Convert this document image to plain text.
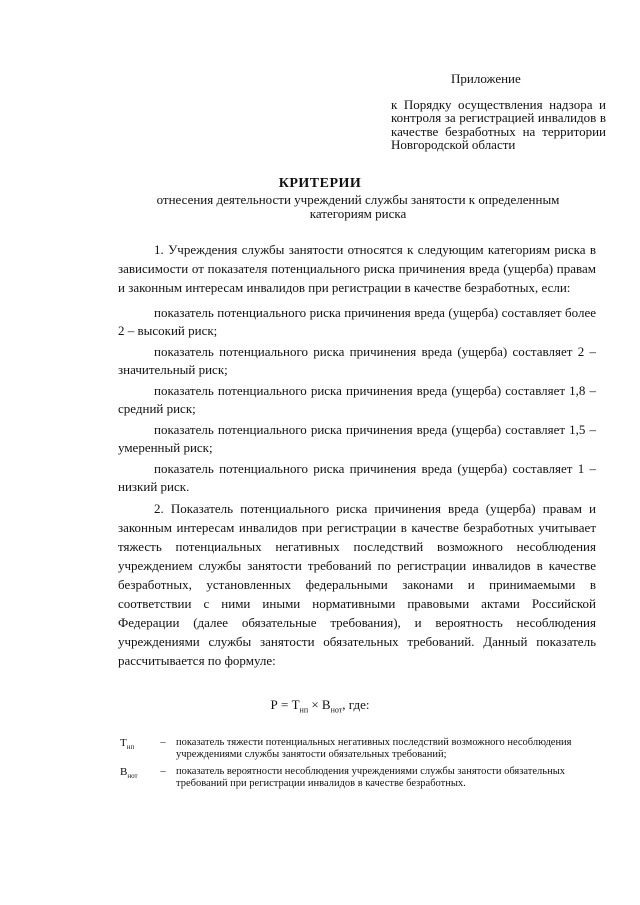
Приложение
к Порядку осуществления надзора и контроля за регистрацией инвалидов в качестве безработных на территории Новгородской области
КРИТЕРИИ
отнесения деятельности учреждений службы занятости к определенным категориям риска

1. Учреждения службы занятости относятся к следующим категориям риска в зависимости от показателя потенциального риска причинения вреда (ущерба) правам и законным интересам инвалидов при регистрации в качестве безработных, если:

показатель потенциального риска причинения вреда (ущерба) составляет более 2 – высокий риск;

показатель потенциального риска причинения вреда (ущерба) составляет 2 – значительный риск;

показатель потенциального риска причинения вреда (ущерба) составляет 1,8 – средний риск;

показатель потенциального риска причинения вреда (ущерба) составляет 1,5 – умеренный риск;

показатель потенциального риска причинения вреда (ущерба) составляет 1 – низкий риск.

2. Показатель потенциального риска причинения вреда (ущерба) правам и законным интересам инвалидов при регистрации в качестве безработных учитывает тяжесть потенциальных негативных последствий возможного несоблюдения учреждением службы занятости требований по регистрации инвалидов в качестве безработных, установленных федеральными законами и принимаемыми в соответствии с ними иными нормативными правовыми актами Российской Федерации (далее обязательные требования), и вероятность несоблюдения учреждениями службы занятости обязательных требований. Данный показатель рассчитывается по формуле:

$Р = Т_{нп} \times В_{нот}$, где:
$Т_{нп}$	– показатель тяжести потенциальных негативных последствий возможного несоблюдения учреждениями службы занятости обязательных требований;
$В_{нот}$	– показатель вероятности несоблюдения учреждениями службы занятости обязательных требований при регистрации инвалидов в качестве безработных.
